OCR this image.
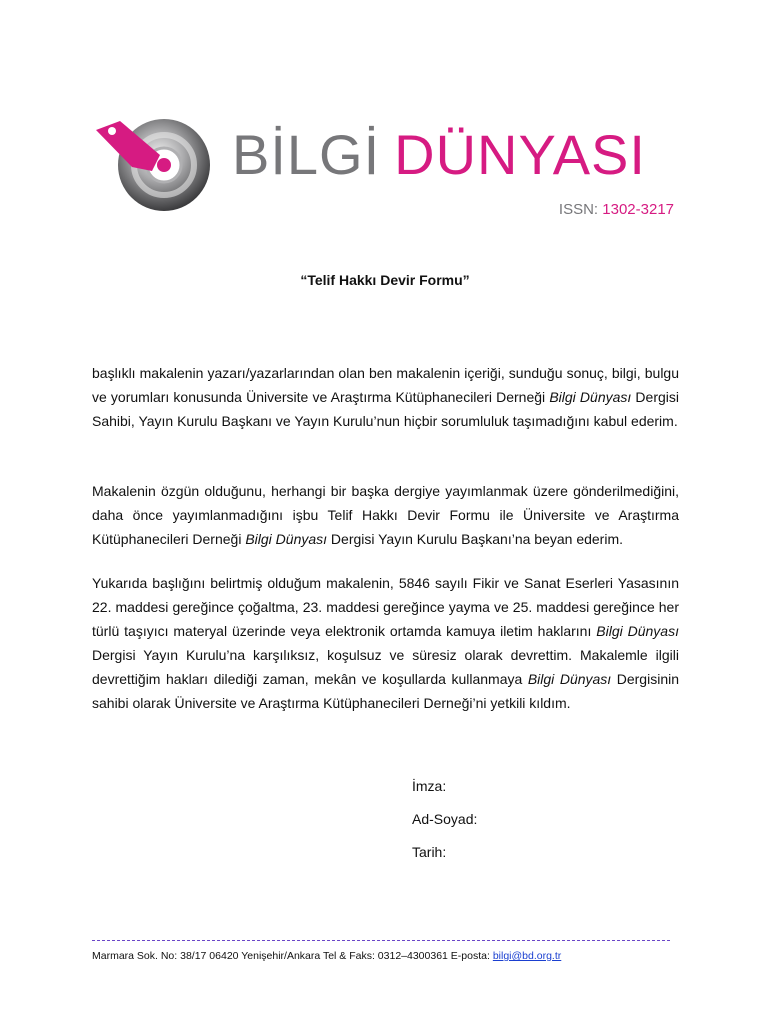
BİLGİ DÜNYASI
ISSN: 1302-3217
“Telif Hakkı Devir Formu”

başlıklı makalenin yazarı/yazarlarından olan ben makalenin içeriği, sunduğu sonuç, bilgi, bulgu ve yorumları konusunda Üniversite ve Araştırma Kütüphanecileri Derneği Bilgi Dünyası Dergisi Sahibi, Yayın Kurulu Başkanı ve Yayın Kurulu’nun hiçbir sorumluluk taşımadığını kabul ederim.

Makalenin özgün olduğunu, herhangi bir başka dergiye yayımlanmak üzere gönderilmediğini, daha önce yayımlanmadığını işbu Telif Hakkı Devir Formu ile Üniversite ve Araştırma Kütüphanecileri Derneği Bilgi Dünyası Dergisi Yayın Kurulu Başkanı’na beyan ederim.

Yukarıda başlığını belirtmiş olduğum makalenin, 5846 sayılı Fikir ve Sanat Eserleri Yasasının 22. maddesi gereğince çoğaltma, 23. maddesi gereğince yayma ve 25. maddesi gereğince her türlü taşıyıcı materyal üzerinde veya elektronik ortamda kamuya iletim haklarını Bilgi Dünyası Dergisi Yayın Kurulu’na karşılıksız, koşulsuz ve süresiz olarak devrettim. Makalemle ilgili devrettiğim hakları dilediği zaman, mekân ve koşullarda kullanmaya Bilgi Dünyası Dergisinin sahibi olarak Üniversite ve Araştırma Kütüphanecileri Derneği’ni yetkili kıldım.

İmza:
Ad-Soyad:
Tarih:
Marmara Sok. No: 38/17 06420 Yenişehir/Ankara Tel & Faks: 0312–4300361 E-posta: bilgi@bd.org.tr
